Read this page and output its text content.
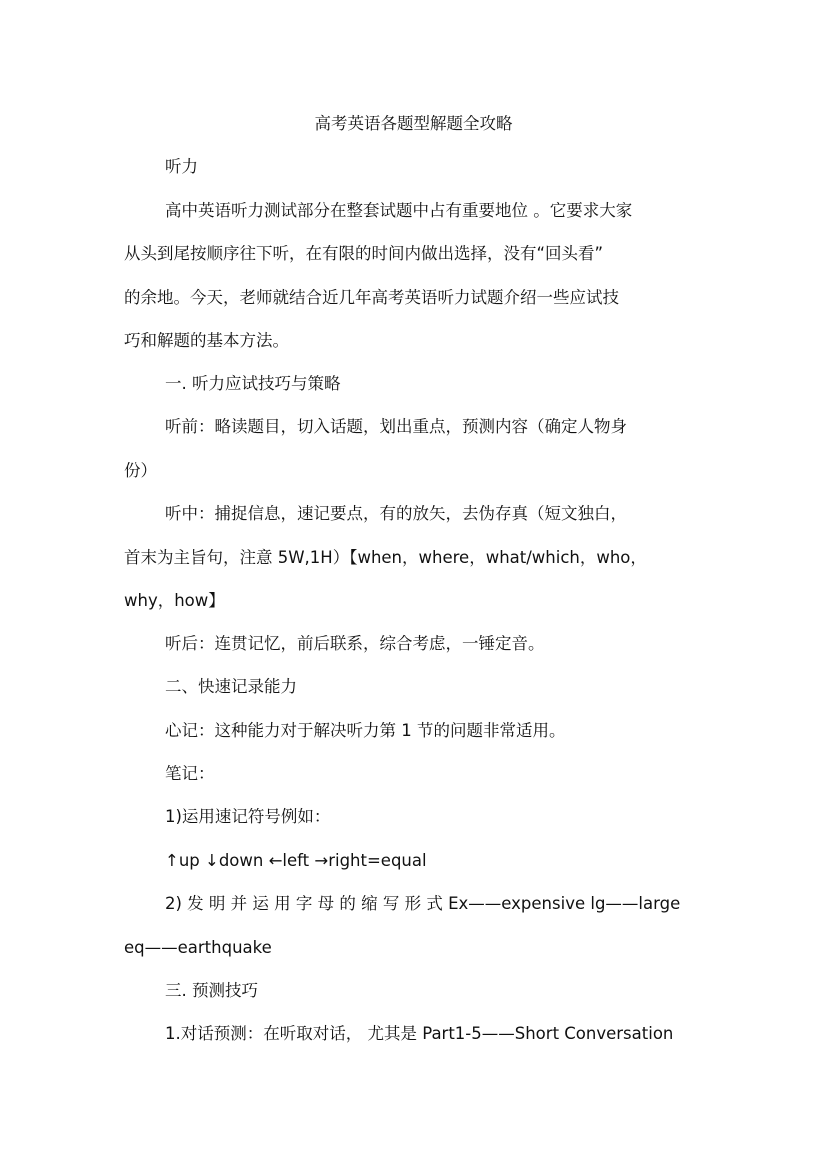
高考英语各题型解题全攻略
听力
高中英语听力测试部分在整套试题中占有重要地位 。它要求大家
从头到尾按顺序往下听，在有限的时间内做出选择，没有“回头看”
的余地。今天，老师就结合近几年高考英语听力试题介绍一些应试技
巧和解题的基本方法。
一. 听力应试技巧与策略
听前：略读题目，切入话题，划出重点，预测内容（确定人物身
份）
听中：捕捉信息，速记要点，有的放矢，去伪存真（短文独白，
首末为主旨句，注意 5W,1H）【when，where，what/which，who，
why，how】
听后：连贯记忆，前后联系，综合考虑，一锤定音。
二、快速记录能力
心记：这种能力对于解决听力第 1 节的问题非常适用。
笔记：
1)运用速记符号例如：
↑up ↓down ←left →right=equal
2) 发 明 并 运 用 字 母 的 缩 写 形 式 Ex——expensive lg——large
eq——earthquake
三. 预测技巧
1.对话预测：在听取对话， 尤其是 Part1-5——Short Conversation
